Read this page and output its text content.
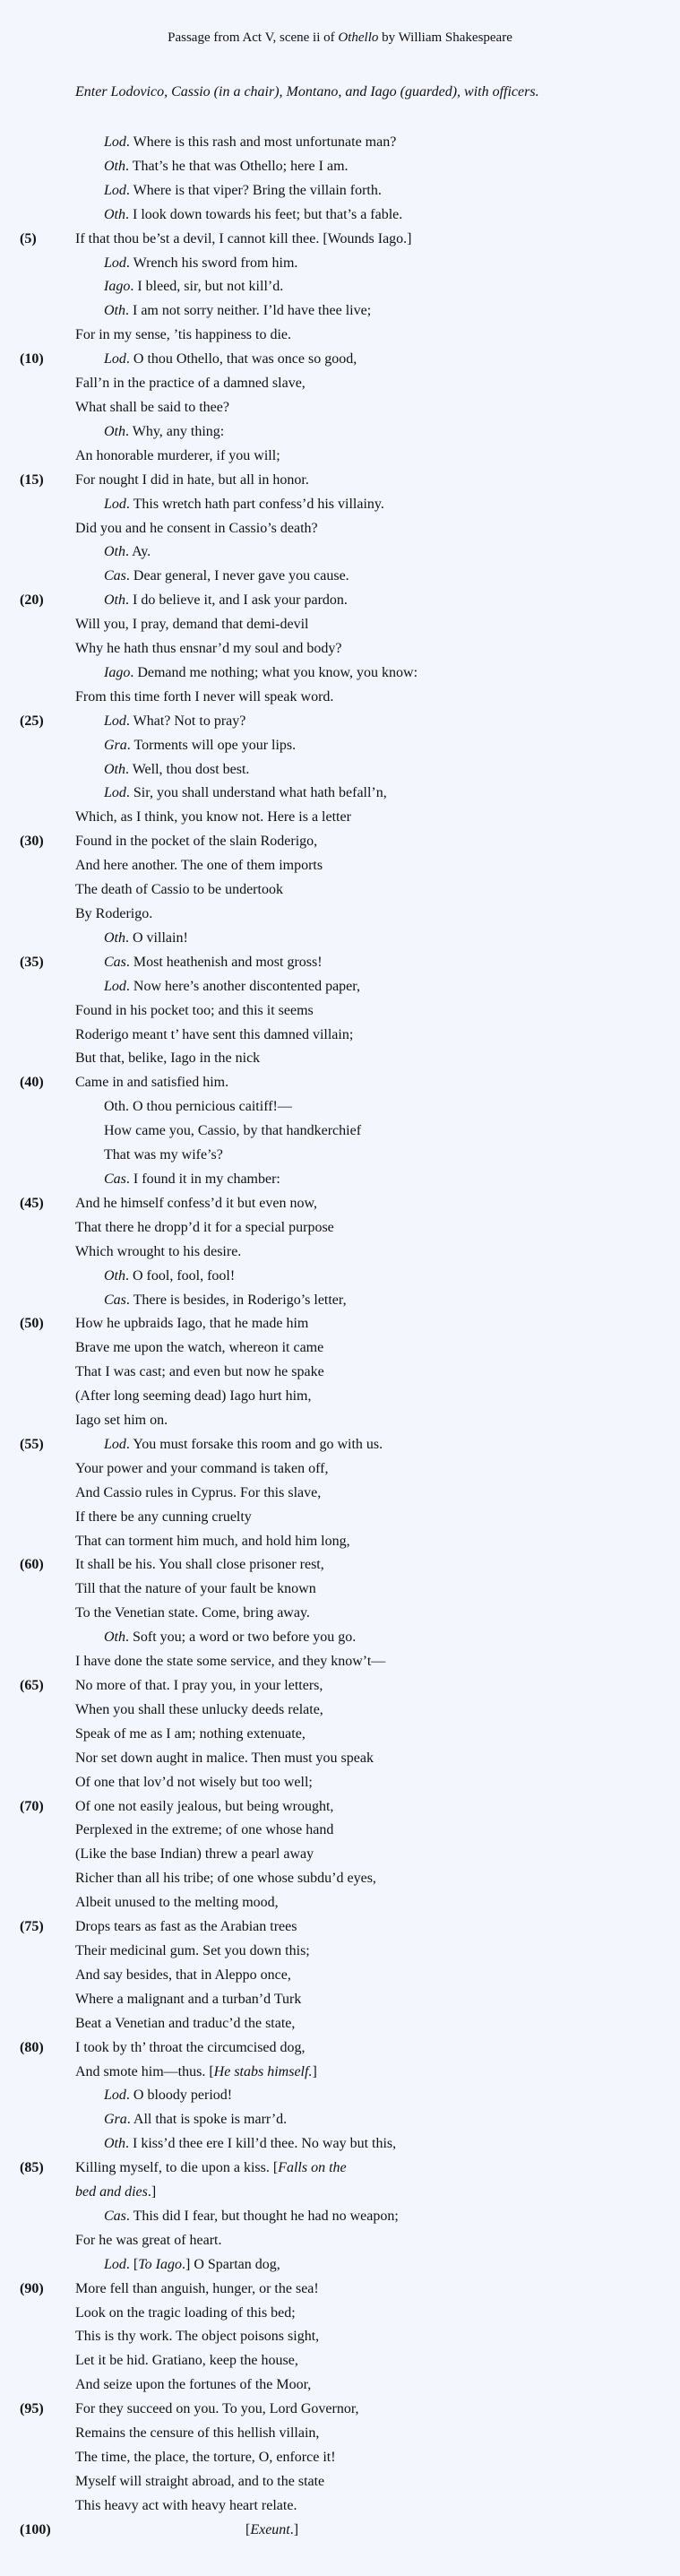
Passage from Act V, scene ii of Othello by William Shakespeare
Enter Lodovico, Cassio (in a chair), Montano, and Iago (guarded), with officers.
Lod. Where is this rash and most unfortunate man?
Oth. That’s he that was Othello; here I am.
Lod. Where is that viper? Bring the villain forth.
Oth. I look down towards his feet; but that’s a fable.
(5)	If that thou be’st a devil, I cannot kill thee. [Wounds Iago.]
Lod. Wrench his sword from him.
Iago. I bleed, sir, but not kill’d.
Oth. I am not sorry neither. I’ld have thee live;
For in my sense, ’tis happiness to die.
(10)	Lod. O thou Othello, that was once so good,
Fall’n in the practice of a damned slave,
What shall be said to thee?
Oth. Why, any thing:
An honorable murderer, if you will;
(15)	For nought I did in hate, but all in honor.
Lod. This wretch hath part confess’d his villainy.
Did you and he consent in Cassio’s death?
Oth. Ay.
Cas. Dear general, I never gave you cause.
(20)	Oth. I do believe it, and I ask your pardon.
Will you, I pray, demand that demi-devil
Why he hath thus ensnar’d my soul and body?
Iago. Demand me nothing; what you know, you know:
From this time forth I never will speak word.
(25)	Lod. What? Not to pray?
Gra. Torments will ope your lips.
Oth. Well, thou dost best.
Lod. Sir, you shall understand what hath befall’n,
Which, as I think, you know not. Here is a letter
(30)	Found in the pocket of the slain Roderigo,
And here another. The one of them imports
The death of Cassio to be undertook
By Roderigo.
Oth. O villain!
(35)	Cas. Most heathenish and most gross!
Lod. Now here’s another discontented paper,
Found in his pocket too; and this it seems
Roderigo meant t’ have sent this damned villain;
But that, belike, Iago in the nick
(40)	Came in and satisfied him.
Oth. O thou pernicious caitiff!—
How came you, Cassio, by that handkerchief
That was my wife’s?
Cas. I found it in my chamber:
(45)	And he himself confess’d it but even now,
That there he dropp’d it for a special purpose
Which wrought to his desire.
Oth. O fool, fool, fool!
Cas. There is besides, in Roderigo’s letter,
(50)	How he upbraids Iago, that he made him
Brave me upon the watch, whereon it came
That I was cast; and even but now he spake
(After long seeming dead) Iago hurt him,
Iago set him on.
(55)	Lod. You must forsake this room and go with us.
Your power and your command is taken off,
And Cassio rules in Cyprus. For this slave,
If there be any cunning cruelty
That can torment him much, and hold him long,
(60)	It shall be his. You shall close prisoner rest,
Till that the nature of your fault be known
To the Venetian state. Come, bring away.
Oth. Soft you; a word or two before you go.
I have done the state some service, and they know’t—
(65)	No more of that. I pray you, in your letters,
When you shall these unlucky deeds relate,
Speak of me as I am; nothing extenuate,
Nor set down aught in malice. Then must you speak
Of one that lov’d not wisely but too well;
(70)	Of one not easily jealous, but being wrought,
Perplexed in the extreme; of one whose hand
(Like the base Indian) threw a pearl away
Richer than all his tribe; of one whose subdu’d eyes,
Albeit unused to the melting mood,
(75)	Drops tears as fast as the Arabian trees
Their medicinal gum. Set you down this;
And say besides, that in Aleppo once,
Where a malignant and a turban’d Turk
Beat a Venetian and traduc’d the state,
(80)	I took by th’ throat the circumcised dog,
And smote him—thus. [He stabs himself.]
Lod. O bloody period!
Gra. All that is spoke is marr’d.
Oth. I kiss’d thee ere I kill’d thee. No way but this,
(85)	Killing myself, to die upon a kiss. [Falls on the
bed and dies.]
Cas. This did I fear, but thought he had no weapon;
For he was great of heart.
Lod. [To Iago.] O Spartan dog,
(90)	More fell than anguish, hunger, or the sea!
Look on the tragic loading of this bed;
This is thy work. The object poisons sight,
Let it be hid. Gratiano, keep the house,
And seize upon the fortunes of the Moor,
(95)	For they succeed on you. To you, Lord Governor,
Remains the censure of this hellish villain,
The time, the place, the torture, O, enforce it!
Myself will straight abroad, and to the state
This heavy act with heavy heart relate.
(100)	[Exeunt.]
